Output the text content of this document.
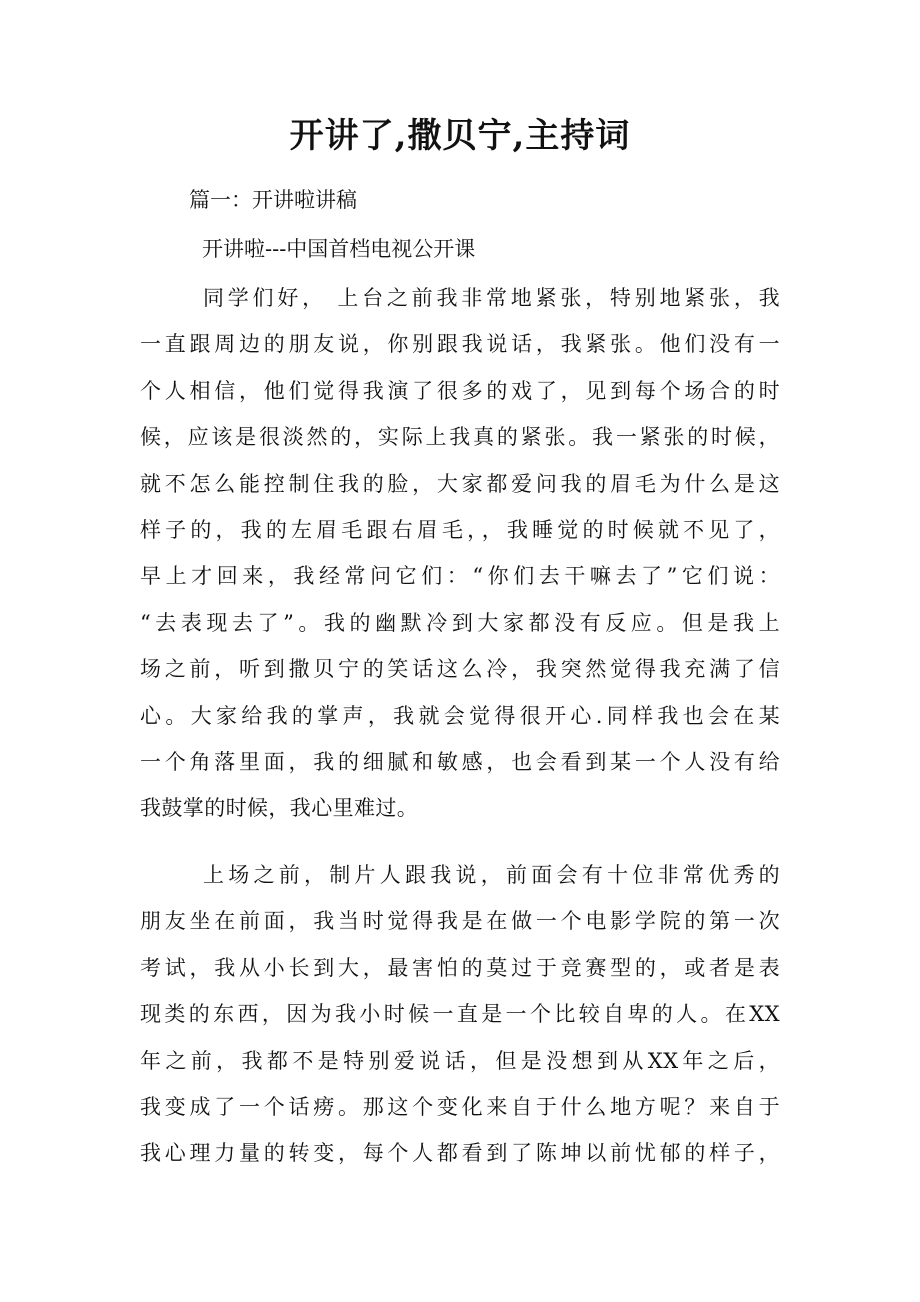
开讲了,撒贝宁,主持词
篇一：开讲啦讲稿
开讲啦---中国首档电视公开课
同学们好， 上台之前我非常地紧张，特别地紧张，我
一直跟周边的朋友说，你别跟我说话，我紧张。他们没有一
个人相信，他们觉得我演了很多的戏了，见到每个场合的时
候，应该是很淡然的，实际上我真的紧张。我一紧张的时候，
就不怎么能控制住我的脸，大家都爱问我的眉毛为什么是这
样子的，我的左眉毛跟右眉毛，，我睡觉的时候就不见了，
早上才回来，我经常问它们：“你们去干嘛去了”它们说：
“去表现去了”。我的幽默冷到大家都没有反应。但是我上
场之前，听到撒贝宁的笑话这么冷，我突然觉得我充满了信
心。大家给我的掌声，我就会觉得很开心.同样我也会在某
一个角落里面，我的细腻和敏感，也会看到某一个人没有给
我鼓掌的时候，我心里难过。
上场之前，制片人跟我说，前面会有十位非常优秀的
朋友坐在前面，我当时觉得我是在做一个电影学院的第一次
考试，我从小长到大，最害怕的莫过于竞赛型的，或者是表
现类的东西，因为我小时候一直是一个比较自卑的人。在XX
年之前，我都不是特别爱说话，但是没想到从XX年之后，
我变成了一个话痨。那这个变化来自于什么地方呢？来自于
我心理力量的转变，每个人都看到了陈坤以前忧郁的样子，
